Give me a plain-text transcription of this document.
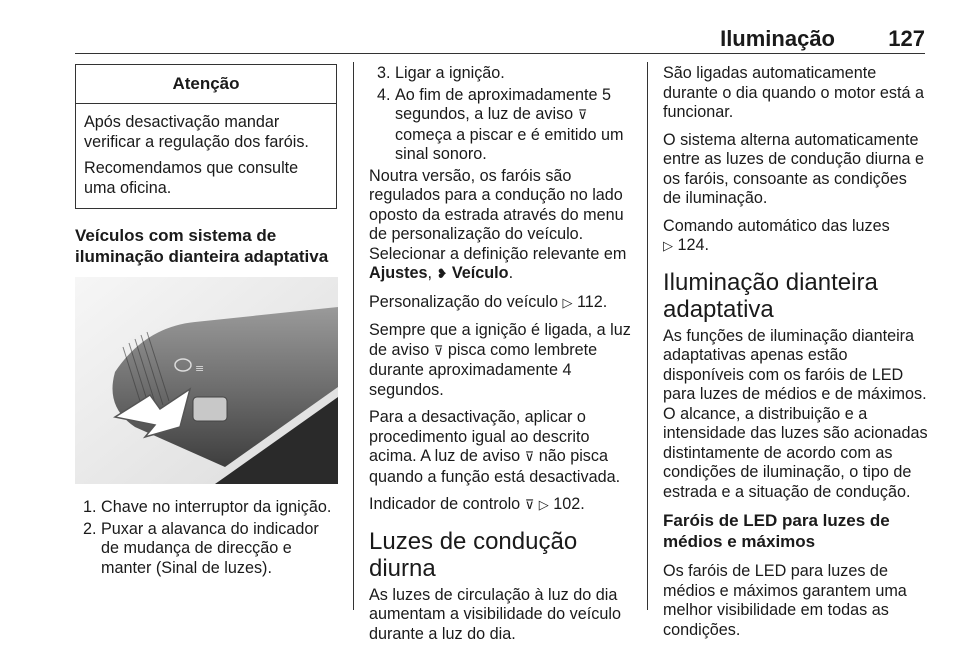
Iluminação 127
Atenção

Após desactivação mandar verificar a regulação dos faróis.

Recomendamos que consulte uma oficina.

Veículos com sistema de iluminação dianteira adaptativa
≡
1. Chave no interruptor da ignição.
2. Puxar a alavanca do indicador de mudança de direcção e manter (Sinal de luzes).
3. Ligar a ignição.
4. Ao fim de aproximadamente 5 segundos, a luz de aviso ⊽ começa a piscar e é emitido um sinal sonoro.

Noutra versão, os faróis são regulados para a condução no lado oposto da estrada através do menu de personalização do veículo. Selecionar a definição relevante em Ajustes, ❥ Veículo.

Personalização do veículo ▷ 112.

Sempre que a ignição é ligada, a luz de aviso ⊽ pisca como lembrete durante aproximadamente 4 segundos.

Para a desactivação, aplicar o procedimento igual ao descrito acima. A luz de aviso ⊽ não pisca quando a função está desactivada.

Indicador de controlo ⊽ ▷ 102.

Luzes de condução diurna

As luzes de circulação à luz do dia aumentam a visibilidade do veículo durante a luz do dia.

São ligadas automaticamente durante o dia quando o motor está a funcionar.

O sistema alterna automaticamente entre as luzes de condução diurna e os faróis, consoante as condições de iluminação.

Comando automático das luzes
▷ 124.

Iluminação dianteira adaptativa

As funções de iluminação dianteira adaptativas apenas estão disponíveis com os faróis de LED para luzes de médios e de máximos. O alcance, a distribuição e a intensidade das luzes são acionadas distintamente de acordo com as condições de iluminação, o tipo de estrada e a situação de condução.

Faróis de LED para luzes de médios e máximos

Os faróis de LED para luzes de médios e máximos garantem uma melhor visibilidade em todas as condições.
